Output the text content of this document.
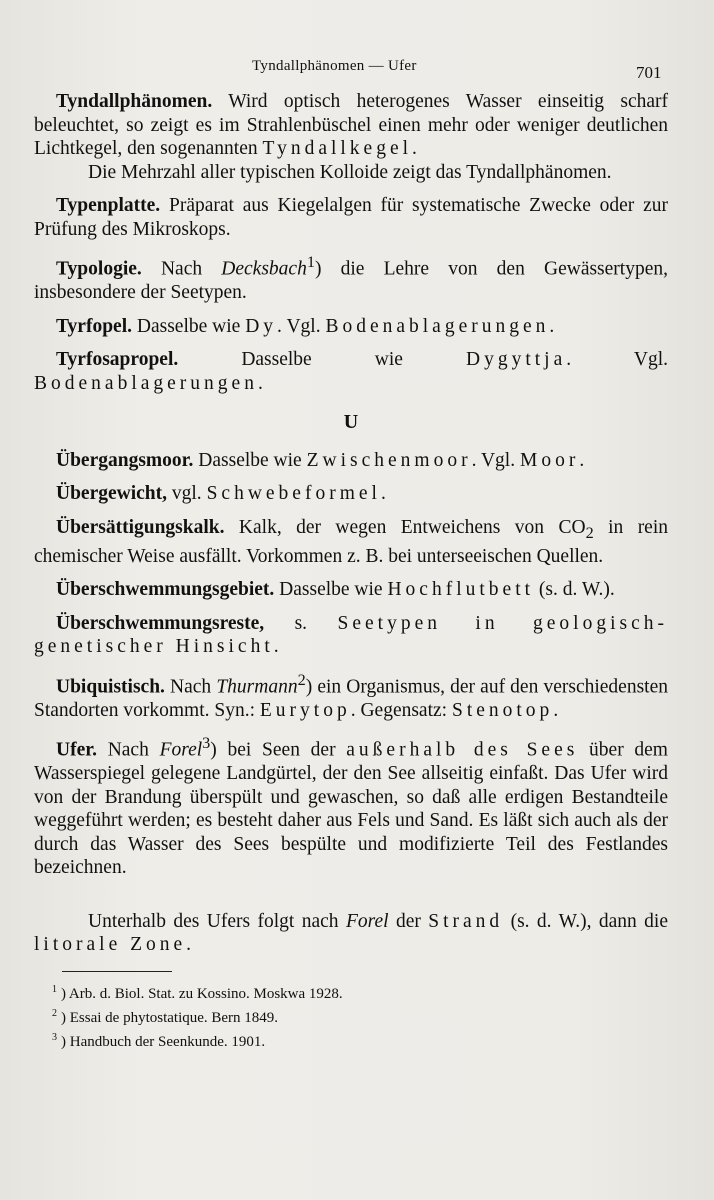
Tyndallphänomen — Ufer	701

Tyndallphänomen. Wird optisch heterogenes Wasser einseitig scharf beleuchtet, so zeigt es im Strahlenbüschel einen mehr oder weniger deutlichen Lichtkegel, den sogenannten Tyndallkegel.

Die Mehrzahl aller typischen Kolloide zeigt das Tyndallphänomen.

Typenplatte. Präparat aus Kiegelalgen für systematische Zwecke oder zur Prüfung des Mikroskops.

Typologie. Nach Decksbach$^1$) die Lehre von den Gewässertypen, insbesondere der Seetypen.

Tyrfopel. Dasselbe wie Dy. Vgl. Bodenablagerungen.

Tyrfosapropel. Dasselbe wie Dygyttja. Vgl. Bodenablagerungen.

U

Übergangsmoor. Dasselbe wie Zwischenmoor. Vgl. Moor.

Übergewicht, vgl. Schwebeformel.

Übersättigungskalk. Kalk, der wegen Entweichens von $CO_2$ in rein chemischer Weise ausfällt. Vorkommen z. B. bei unterseeischen Quellen.

Überschwemmungsgebiet. Dasselbe wie Hochflutbett (s. d. W.).

Überschwemmungsreste, s. Seetypen in geologisch-genetischer Hinsicht.

Ubiquistisch. Nach Thurmann$^2$) ein Organismus, der auf den verschiedensten Standorten vorkommt. Syn.: Eurytop. Gegensatz: Stenotop.

Ufer. Nach Forel$^3$) bei Seen der außerhalb des Sees über dem Wasserspiegel gelegene Landgürtel, der den See allseitig einfaßt. Das Ufer wird von der Brandung überspült und gewaschen, so daß alle erdigen Bestandteile weggeführt werden; es besteht daher aus Fels und Sand. Es läßt sich auch als der durch das Wasser des Sees bespülte und modifizierte Teil des Festlandes bezeichnen.

Unterhalb des Ufers folgt nach Forel der Strand (s. d. W.), dann die litorale Zone.
$^1$ ) Arb. d. Biol. Stat. zu Kossino. Moskwa 1928.
$^2$ ) Essai de phytostatique. Bern 1849.
$^3$ ) Handbuch der Seenkunde. 1901.
